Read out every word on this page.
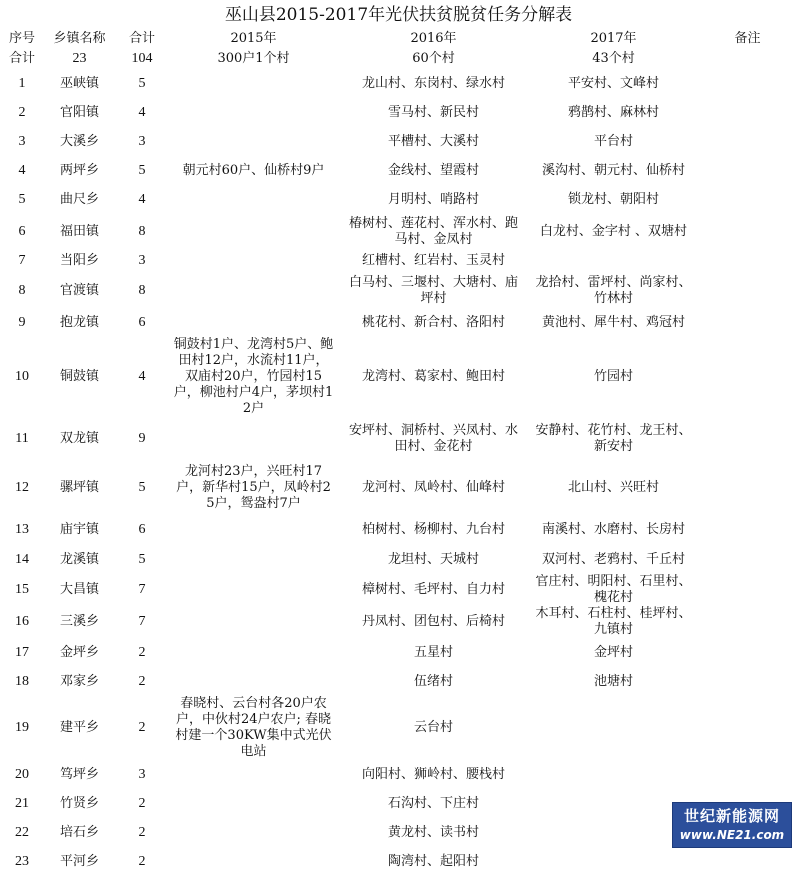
巫山县2015-2017年光伏扶贫脱贫任务分解表
序号	乡镇名称	合计	2015年	2016年	2017年	备注
合计	23	104	300户1个村	60个村	43个村	
1	巫峡镇	5		龙山村、东岗村、绿水村	平安村、文峰村	
2	官阳镇	4		雪马村、新民村	鸦鹊村、麻林村	
3	大溪乡	3		平槽村、大溪村	平台村	
4	两坪乡	5	朝元村60户、仙桥村9户	金线村、望霞村	溪沟村、朝元村、仙桥村	
5	曲尺乡	4		月明村、哨路村	锁龙村、朝阳村	
6	福田镇	8		椿树村、莲花村、浑水村、跑马村、金凤村	白龙村、金字村 、双塘村	
7	当阳乡	3		红槽村、红岩村、玉灵村		
8	官渡镇	8		白马村、三堰村、大塘村、庙坪村	龙拾村、雷坪村、尚家村、竹林村	
9	抱龙镇	6		桃花村、新合村、洛阳村	黄池村、犀牛村、鸡冠村	
10	铜鼓镇	4	铜鼓村1户、龙湾村5户、鲍田村12户，水流村11户，双庙村20户，竹园村15户，柳池村户4户，茅坝村12户	龙湾村、葛家村、鲍田村	竹园村	
11	双龙镇	9		安坪村、洞桥村、兴凤村、水田村、金花村	安静村、花竹村、龙王村、新安村	
12	骡坪镇	5	龙河村23户，兴旺村17户，新华村15户，凤岭村25户，鸳盎村7户	龙河村、凤岭村、仙峰村	北山村、兴旺村	
13	庙宇镇	6		柏树村、杨柳村、九台村	南溪村、水磨村、长房村	
14	龙溪镇	5		龙坦村、天城村	双河村、老鸦村、千丘村	
15	大昌镇	7		樟树村、毛坪村、自力村	官庄村、明阳村、石里村、槐花村	
16	三溪乡	7		丹凤村、团包村、后椅村	木耳村、石柱村、桂坪村、九镇村	
17	金坪乡	2		五星村	金坪村	
18	邓家乡	2		伍绪村	池塘村	
19	建平乡	2	春晓村、云台村各20户农户，中伙村24户农户; 春晓村建一个30KW集中式光伏电站	云台村		
20	笃坪乡	3		向阳村、狮岭村、腰栈村		
21	竹贤乡	2		石沟村、下庄村		
22	培石乡	2		黄龙村、读书村		
23	平河乡	2		陶湾村、起阳村		
世纪新能源网
www.NE21.com
